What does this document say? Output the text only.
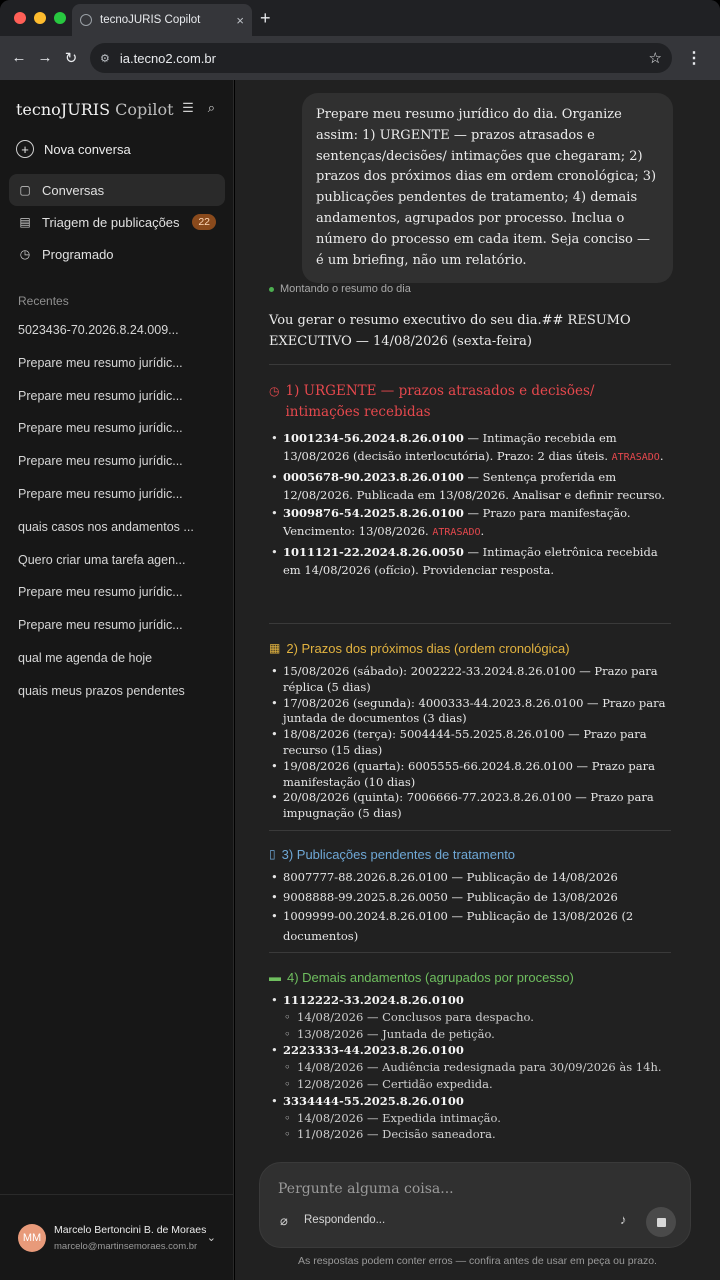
tecnoJURIS Copilot	× +
← → ↻	⚙ ia.tecno2.com.br	☆ ⋮
tecnoJURIS Copilot ☰ ⌕
+	Nova conversa
▢ Conversas
▤ Triagem de publicações	22
◷ Programado
Recentes
5023436-70.2026.8.24.009...
Prepare meu resumo jurídic...
Prepare meu resumo jurídic...
Prepare meu resumo jurídic...
Prepare meu resumo jurídic...
Prepare meu resumo jurídic...
quais casos nos andamentos ...
Quero criar uma tarefa agen...
Prepare meu resumo jurídic...
Prepare meu resumo jurídic...
qual me agenda de hoje
quais meus prazos pendentes
MM
Marcelo Bertoncini B. de Moraes
marcelo@martinsemoraes.com.br
⌄
Prepare meu resumo jurídico do dia. Organize assim: 1) URGENTE — prazos atrasados e sentenças/decisões/ intimações que chegaram; 2) prazos dos próximos dias em ordem cronológica; 3) publicações pendentes de tratamento; 4) demais andamentos, agrupados por processo. Inclua o número do processo em cada item. Seja conciso — é um briefing, não um relatório.
Montando o resumo do dia
Vou gerar o resumo executivo do seu dia.## RESUMO EXECUTIVO — 14/08/2026 (sexta-feira)
◷ 1) URGENTE — prazos atrasados e decisões/ intimações recebidas
• 1001234-56.2024.8.26.0100 — Intimação recebida em 13/08/2026 (decisão interlocutória). Prazo: 2 dias úteis. ATRASADO.
• 0005678-90.2023.8.26.0100 — Sentença proferida em 12/08/2026. Publicada em 13/08/2026. Analisar e definir recurso.
• 3009876-54.2025.8.26.0100 — Prazo para manifestação. Vencimento: 13/08/2026. ATRASADO.
• 1011121-22.2024.8.26.0050 — Intimação eletrônica recebida em 14/08/2026 (ofício). Providenciar resposta.
▦ 2) Prazos dos próximos dias (ordem cronológica)
• 15/08/2026 (sábado): 2002222-33.2024.8.26.0100 — Prazo para réplica (5 dias)
• 17/08/2026 (segunda): 4000333-44.2023.8.26.0100 — Prazo para juntada de documentos (3 dias)
• 18/08/2026 (terça): 5004444-55.2025.8.26.0100 — Prazo para recurso (15 dias)
• 19/08/2026 (quarta): 6005555-66.2024.8.26.0100 — Prazo para manifestação (10 dias)
• 20/08/2026 (quinta): 7006666-77.2023.8.26.0100 — Prazo para impugnação (5 dias)
▯ 3) Publicações pendentes de tratamento
• 8007777-88.2026.8.26.0100 — Publicação de 14/08/2026
• 9008888-99.2025.8.26.0050 — Publicação de 13/08/2026
• 1009999-00.2024.8.26.0100 — Publicação de 13/08/2026 (2 documentos)
▬ 4) Demais andamentos (agrupados por processo)
• 1112222-33.2024.8.26.0100
◦ 14/08/2026 — Conclusos para despacho.
◦ 13/08/2026 — Juntada de petição.
• 2223333-44.2023.8.26.0100
◦ 14/08/2026 — Audiência redesignada para 30/09/2026 às 14h.
◦ 12/08/2026 — Certidão expedida.
• 3334444-55.2025.8.26.0100
◦ 14/08/2026 — Expedida intimação.
◦ 11/08/2026 — Decisão saneadora.
Pergunte alguma coisa...
⌀ Respondendo...	♪
As respostas podem conter erros — confira antes de usar em peça ou prazo.
